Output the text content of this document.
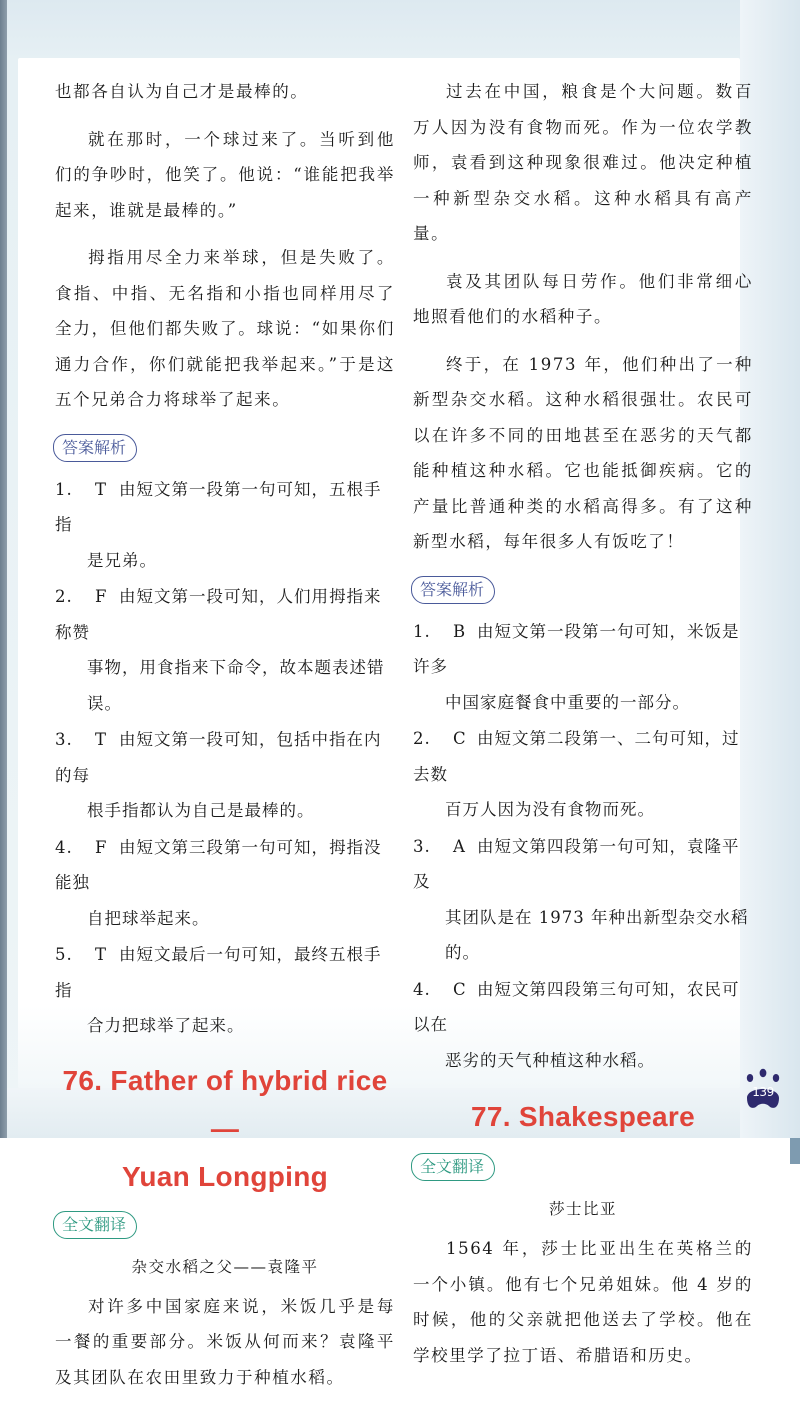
也都各自认为自己才是最棒的。

就在那时，一个球过来了。当听到他们的争吵时，他笑了。他说：“谁能把我举起来，谁就是最棒的。”

拇指用尽全力来举球，但是失败了。食指、中指、无名指和小指也同样用尽了全力，但他们都失败了。球说：“如果你们通力合作，你们就能把我举起来。”于是这五个兄弟合力将球举了起来。

答案解析
1. T 由短文第一段第一句可知，五根手指
是兄弟。
2. F 由短文第一段可知，人们用拇指来称赞
事物，用食指来下命令，故本题表述错误。
3. T 由短文第一段可知，包括中指在内的每
根手指都认为自己是最棒的。
4. F 由短文第三段第一句可知，拇指没能独
自把球举起来。
5. T 由短文最后一句可知，最终五根手指
合力把球举了起来。
76. Father of hybrid rice—
Yuan Longping
全文翻译
杂交水稻之父——袁隆平

对许多中国家庭来说，米饭几乎是每一餐的重要部分。米饭从何而来？袁隆平及其团队在农田里致力于种植水稻。

过去在中国，粮食是个大问题。数百万人因为没有食物而死。作为一位农学教师，袁看到这种现象很难过。他决定种植一种新型杂交水稻。这种水稻具有高产量。

袁及其团队每日劳作。他们非常细心地照看他们的水稻种子。

终于，在 1973 年，他们种出了一种新型杂交水稻。这种水稻很强壮。农民可以在许多不同的田地甚至在恶劣的天气都能种植这种水稻。它也能抵御疾病。它的产量比普通种类的水稻高得多。有了这种新型水稻，每年很多人有饭吃了！

答案解析
1. B 由短文第一段第一句可知，米饭是许多
中国家庭餐食中重要的一部分。
2. C 由短文第二段第一、二句可知，过去数
百万人因为没有食物而死。
3. A 由短文第四段第一句可知，袁隆平及
其团队是在 1973 年种出新型杂交水稻的。
4. C 由短文第四段第三句可知，农民可以在
恶劣的天气种植这种水稻。
77. Shakespeare
全文翻译
莎士比亚

1564 年，莎士比亚出生在英格兰的一个小镇。他有七个兄弟姐妹。他 4 岁的时候，他的父亲就把他送去了学校。他在学校里学了拉丁语、希腊语和历史。

139
